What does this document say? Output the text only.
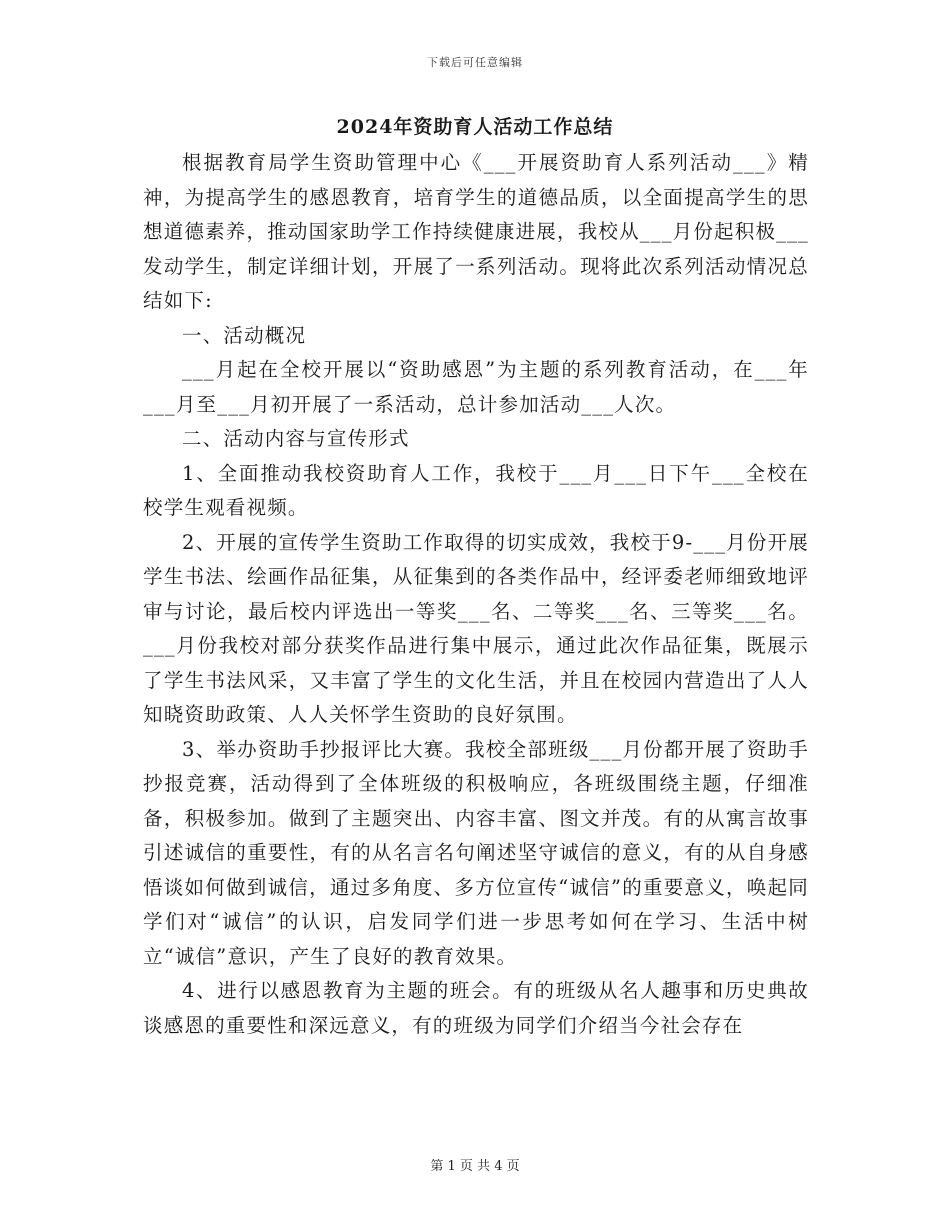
下载后可任意编辑
2024年资助育人活动工作总结

根据教育局学生资助管理中心《___开展资助育人系列活动___》精神，为提高学生的感恩教育，培育学生的道德品质，以全面提高学生的思想道德素养，推动国家助学工作持续健康进展，我校从___月份起积极___发动学生，制定详细计划，开展了一系列活动。现将此次系列活动情况总结如下:

一、活动概况

___月起在全校开展以“资助感恩”为主题的系列教育活动，在___年___月至___月初开展了一系活动，总计参加活动___人次。

二、活动内容与宣传形式

1、全面推动我校资助育人工作，我校于___月___日下午___全校在校学生观看视频。

2、开展的宣传学生资助工作取得的切实成效，我校于9-___月份开展学生书法、绘画作品征集，从征集到的各类作品中，经评委老师细致地评审与讨论，最后校内评选出一等奖___名、二等奖___名、三等奖___名。___月份我校对部分获奖作品进行集中展示，通过此次作品征集，既展示了学生书法风采，又丰富了学生的文化生活，并且在校园内营造出了人人知晓资助政策、人人关怀学生资助的良好氛围。

3、举办资助手抄报评比大赛。我校全部班级___月份都开展了资助手抄报竞赛，活动得到了全体班级的积极响应，各班级围绕主题，仔细准备，积极参加。做到了主题突出、内容丰富、图文并茂。有的从寓言故事引述诚信的重要性，有的从名言名句阐述坚守诚信的意义，有的从自身感悟谈如何做到诚信，通过多角度、多方位宣传“诚信”的重要意义，唤起同学们对“诚信”的认识，启发同学们进一步思考如何在学习、生活中树立“诚信”意识，产生了良好的教育效果。

4、进行以感恩教育为主题的班会。有的班级从名人趣事和历史典故谈感恩的重要性和深远意义，有的班级为同学们介绍当今社会存在

第 1 页 共 4 页
